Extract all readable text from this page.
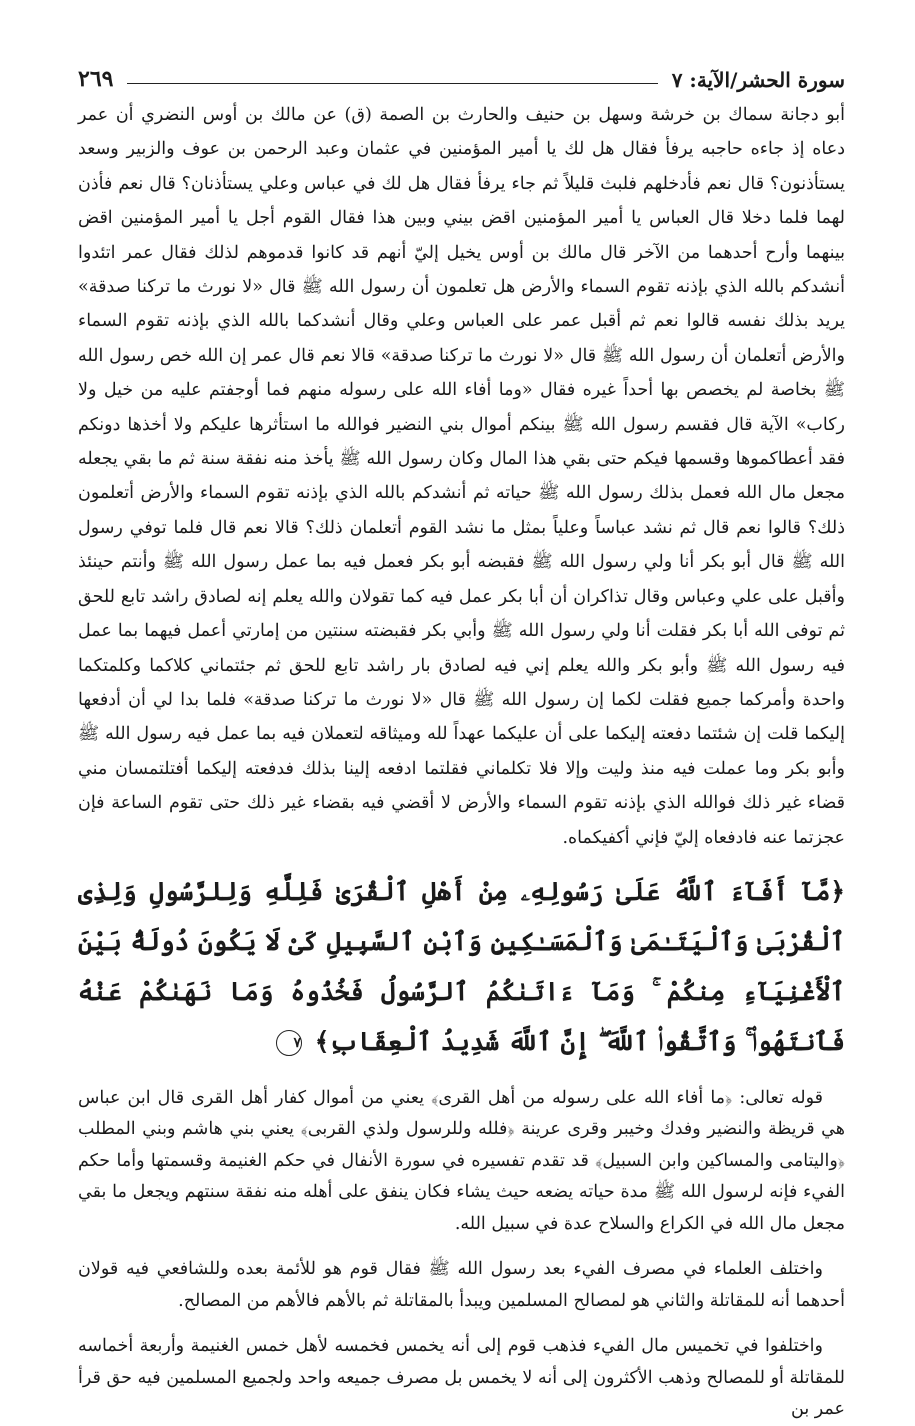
سورة الحشر/الآية: ٧
٢٦٩
أبو دجانة سماك بن خرشة وسهل بن حنيف والحارث بن الصمة (ق) عن مالك بن أوس النضري أن عمر دعاه إذ جاءه حاجبه يرفأ فقال هل لك يا أمير المؤمنين في عثمان وعبد الرحمن بن عوف والزبير وسعد يستأذنون؟ قال نعم فأدخلهم فلبث قليلاً ثم جاء يرفأ فقال هل لك في عباس وعلي يستأذنان؟ قال نعم فأذن لهما فلما دخلا قال العباس يا أمير المؤمنين اقض بيني وبين هذا فقال القوم أجل يا أمير المؤمنين اقض بينهما وأرح أحدهما من الآخر قال مالك بن أوس يخيل إليّ أنهم قد كانوا قدموهم لذلك فقال عمر اتئدوا أنشدكم بالله الذي بإذنه تقوم السماء والأرض هل تعلمون أن رسول الله ﷺ قال «لا نورث ما تركنا صدقة» يريد بذلك نفسه قالوا نعم ثم أقبل عمر على العباس وعلي وقال أنشدكما بالله الذي بإذنه تقوم السماء والأرض أتعلمان أن رسول الله ﷺ قال «لا نورث ما تركنا صدقة» قالا نعم قال عمر إن الله خص رسول الله ﷺ بخاصة لم يخصص بها أحداً غيره فقال «وما أفاء الله على رسوله منهم فما أوجفتم عليه من خيل ولا ركاب» الآية قال فقسم رسول الله ﷺ بينكم أموال بني النضير فوالله ما استأثرها عليكم ولا أخذها دونكم فقد أعطاكموها وقسمها فيكم حتى بقي هذا المال وكان رسول الله ﷺ يأخذ منه نفقة سنة ثم ما بقي يجعله مجعل مال الله فعمل بذلك رسول الله ﷺ حياته ثم أنشدكم بالله الذي بإذنه تقوم السماء والأرض أتعلمون ذلك؟ قالوا نعم قال ثم نشد عباساً وعلياً بمثل ما نشد القوم أتعلمان ذلك؟ قالا نعم قال فلما توفي رسول الله ﷺ قال أبو بكر أنا ولي رسول الله ﷺ فقبضه أبو بكر فعمل فيه بما عمل رسول الله ﷺ وأنتم حينئذ وأقبل على علي وعباس وقال تذاكران أن أبا بكر عمل فيه كما تقولان والله يعلم إنه لصادق راشد تابع للحق ثم توفى الله أبا بكر فقلت أنا ولي رسول الله ﷺ وأبي بكر فقبضته سنتين من إمارتي أعمل فيهما بما عمل فيه رسول الله ﷺ وأبو بكر والله يعلم إني فيه لصادق بار راشد تابع للحق ثم جئتماني كلاكما وكلمتكما واحدة وأمركما جميع فقلت لكما إن رسول الله ﷺ قال «لا نورث ما تركنا صدقة» فلما بدا لي أن أدفعها إليكما قلت إن شئتما دفعته إليكما على أن عليكما عهداً لله وميثاقه لتعملان فيه بما عمل فيه رسول الله ﷺ وأبو بكر وما عملت فيه منذ وليت وإلا فلا تكلماني فقلتما ادفعه إلينا بذلك فدفعته إليكما أفتلتمسان مني قضاء غير ذلك فوالله الذي بإذنه تقوم السماء والأرض لا أقضي فيه بقضاء غير ذلك حتى تقوم الساعة فإن عجزتما عنه فادفعاه إليّ فإني أكفيكماه.
﴿مَّآ أَفَآءَ ٱللَّهُ عَلَىٰ رَسُولِهِۦ مِنْ أَهْلِ ٱلْقُرَىٰ فَلِلَّهِ وَلِلرَّسُولِ وَلِذِى ٱلْقُرْبَىٰ وَٱلْيَتَـٰمَىٰ وَٱلْمَسَـٰكِينِ وَٱبْنِ ٱلسَّبِيلِ كَىْ لَا يَكُونَ دُولَةًۢ بَيْنَ ٱلْأَغْنِيَآءِ مِنكُمْ ۚ وَمَآ ءَاتَىٰكُمُ ٱلرَّسُولُ فَخُذُوهُ وَمَا نَهَىٰكُمْ عَنْهُ فَٱنتَهُوا۟ ۚ وَٱتَّقُوا۟ ٱللَّهَ ۖ إِنَّ ٱللَّهَ شَدِيدُ ٱلْعِقَابِ﴾ ٧

قوله تعالى: ﴿ما أفاء الله على رسوله من أهل القرى﴾ يعني من أموال كفار أهل القرى قال ابن عباس هي قريظة والنضير وفدك وخيبر وقرى عرينة ﴿فلله وللرسول ولذي القربى﴾ يعني بني هاشم وبني المطلب ﴿واليتامى والمساكين وابن السبيل﴾ قد تقدم تفسيره في سورة الأنفال في حكم الغنيمة وقسمتها وأما حكم الفيء فإنه لرسول الله ﷺ مدة حياته يضعه حيث يشاء فكان ينفق على أهله منه نفقة سنتهم ويجعل ما بقي مجعل مال الله في الكراع والسلاح عدة في سبيل الله.

واختلف العلماء في مصرف الفيء بعد رسول الله ﷺ فقال قوم هو للأئمة بعده وللشافعي فيه قولان أحدهما أنه للمقاتلة والثاني هو لمصالح المسلمين ويبدأ بالمقاتلة ثم بالأهم فالأهم من المصالح.

واختلفوا في تخميس مال الفيء فذهب قوم إلى أنه يخمس فخمسه لأهل خمس الغنيمة وأربعة أخماسه للمقاتلة أو للمصالح وذهب الأكثرون إلى أنه لا يخمس بل مصرف جميعه واحد ولجميع المسلمين فيه حق قرأ عمر بن
